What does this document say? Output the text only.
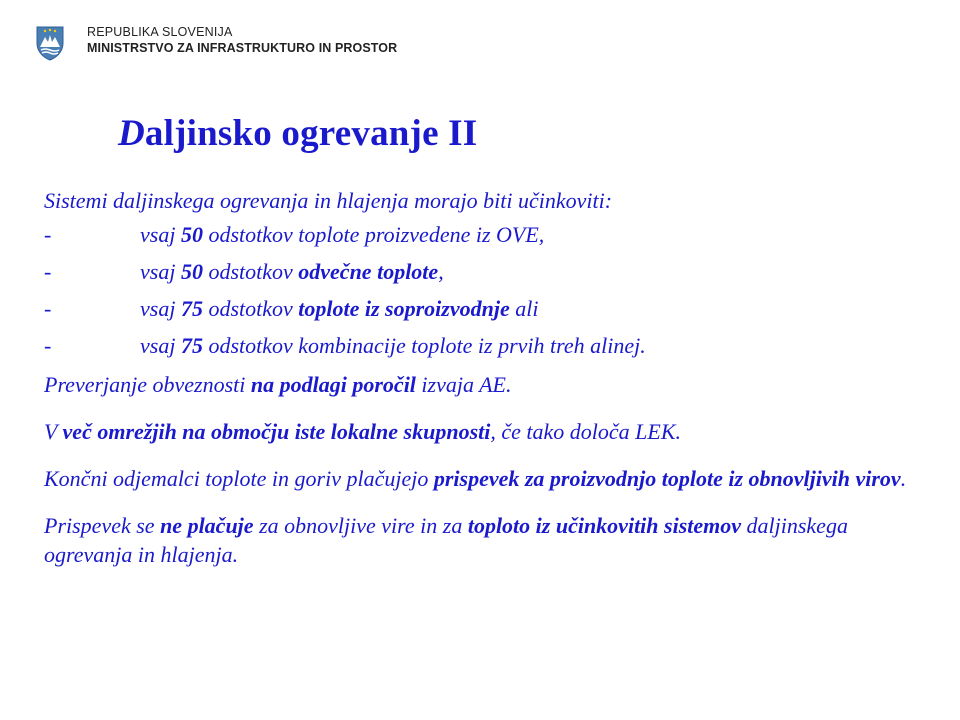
REPUBLIKA SLOVENIJA
MINISTRSTVO ZA INFRASTRUKTURO IN PROSTOR
Daljinsko ogrevanje II

Sistemi daljinskega ogrevanja in hlajenja morajo biti učinkoviti:

-	vsaj 50 odstotkov toplote proizvedene iz OVE,
-	vsaj 50 odstotkov odvečne toplote,
-	vsaj 75 odstotkov toplote iz soproizvodnje ali
-	vsaj 75 odstotkov kombinacije toplote iz prvih treh alinej.

Preverjanje obveznosti na podlagi poročil izvaja AE.

V več omrežjih na območju iste lokalne skupnosti, če tako določa LEK.

Končni odjemalci toplote in goriv plačujejo prispevek za proizvodnjo toplote iz obnovljivih virov.

Prispevek se ne plačuje za obnovljive vire in za toploto iz učinkovitih sistemov daljinskega ogrevanja in hlajenja.
